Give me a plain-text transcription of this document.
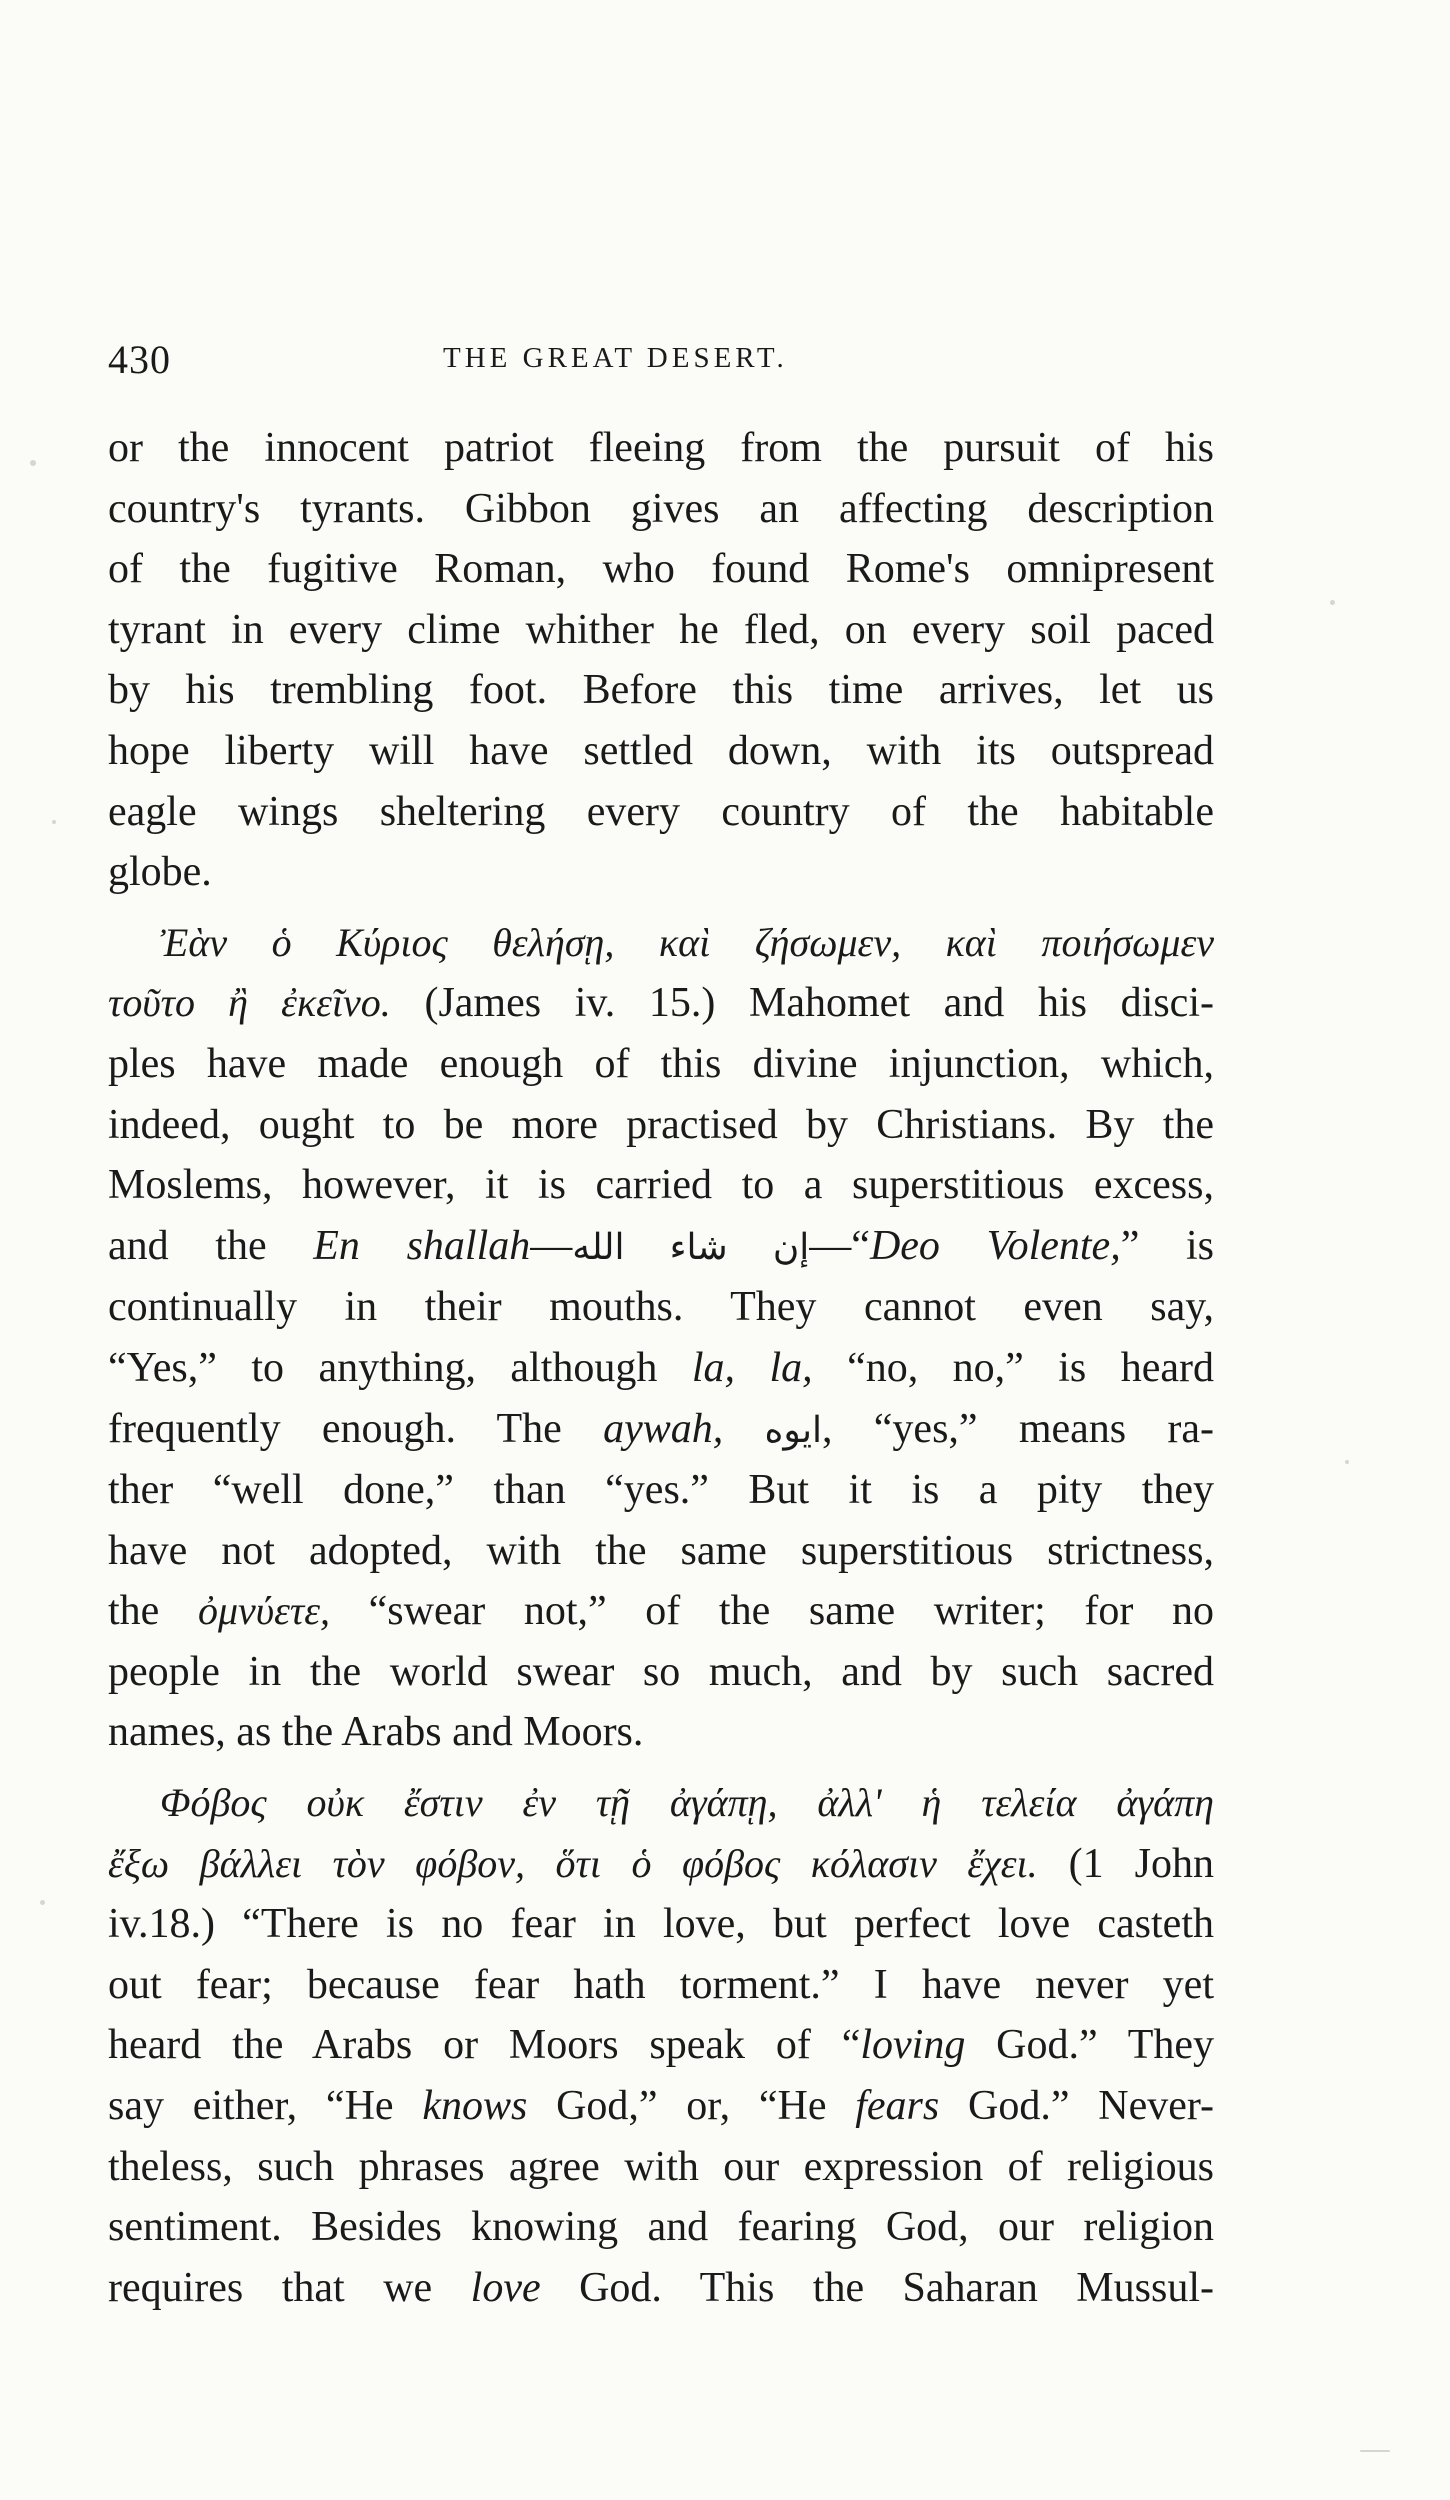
430	THE GREAT DESERT.
or the innocent patriot fleeing from the pursuit of his
country's tyrants. Gibbon gives an affecting description
of the fugitive Roman, who found Rome's omnipresent
tyrant in every clime whither he fled, on every soil paced
by his trembling foot. Before this time arrives, let us
hope liberty will have settled down, with its outspread
eagle wings sheltering every country of the habitable
globe.
Ἐὰν ὁ Κύριος θελήσῃ, καὶ ζήσωμεν, καὶ ποιήσωμεν
τοῦτο ἢ ἐκεῖνο. (James iv. 15.) Mahomet and his disci-
ples have made enough of this divine injunction, which,
indeed, ought to be more practised by Christians. By the
Moslems, however, it is carried to a superstitious excess,
and the En shallah—إن شاء الله—“Deo Volente,” is
continually in their mouths. They cannot even say,
“Yes,” to anything, although la, la, “no, no,” is heard
frequently enough. The aywah, ايوه, “yes,” means ra-
ther “well done,” than “yes.” But it is a pity they
have not adopted, with the same superstitious strictness,
the ὀμνύετε, “swear not,” of the same writer; for no
people in the world swear so much, and by such sacred
names, as the Arabs and Moors.
Φόβος οὐκ ἔστιν ἐν τῇ ἀγάπῃ, ἀλλ' ἡ τελεία ἀγάπη
ἔξω βάλλει τὸν φόβον, ὅτι ὁ φόβος κόλασιν ἔχει. (1 John
iv.18.) “There is no fear in love, but perfect love casteth
out fear; because fear hath torment.” I have never yet
heard the Arabs or Moors speak of “loving God.” They
say either, “He knows God,” or, “He fears God.” Never-
theless, such phrases agree with our expression of religious
sentiment. Besides knowing and fearing God, our religion
requires that we love God. This the Saharan Mussul-
